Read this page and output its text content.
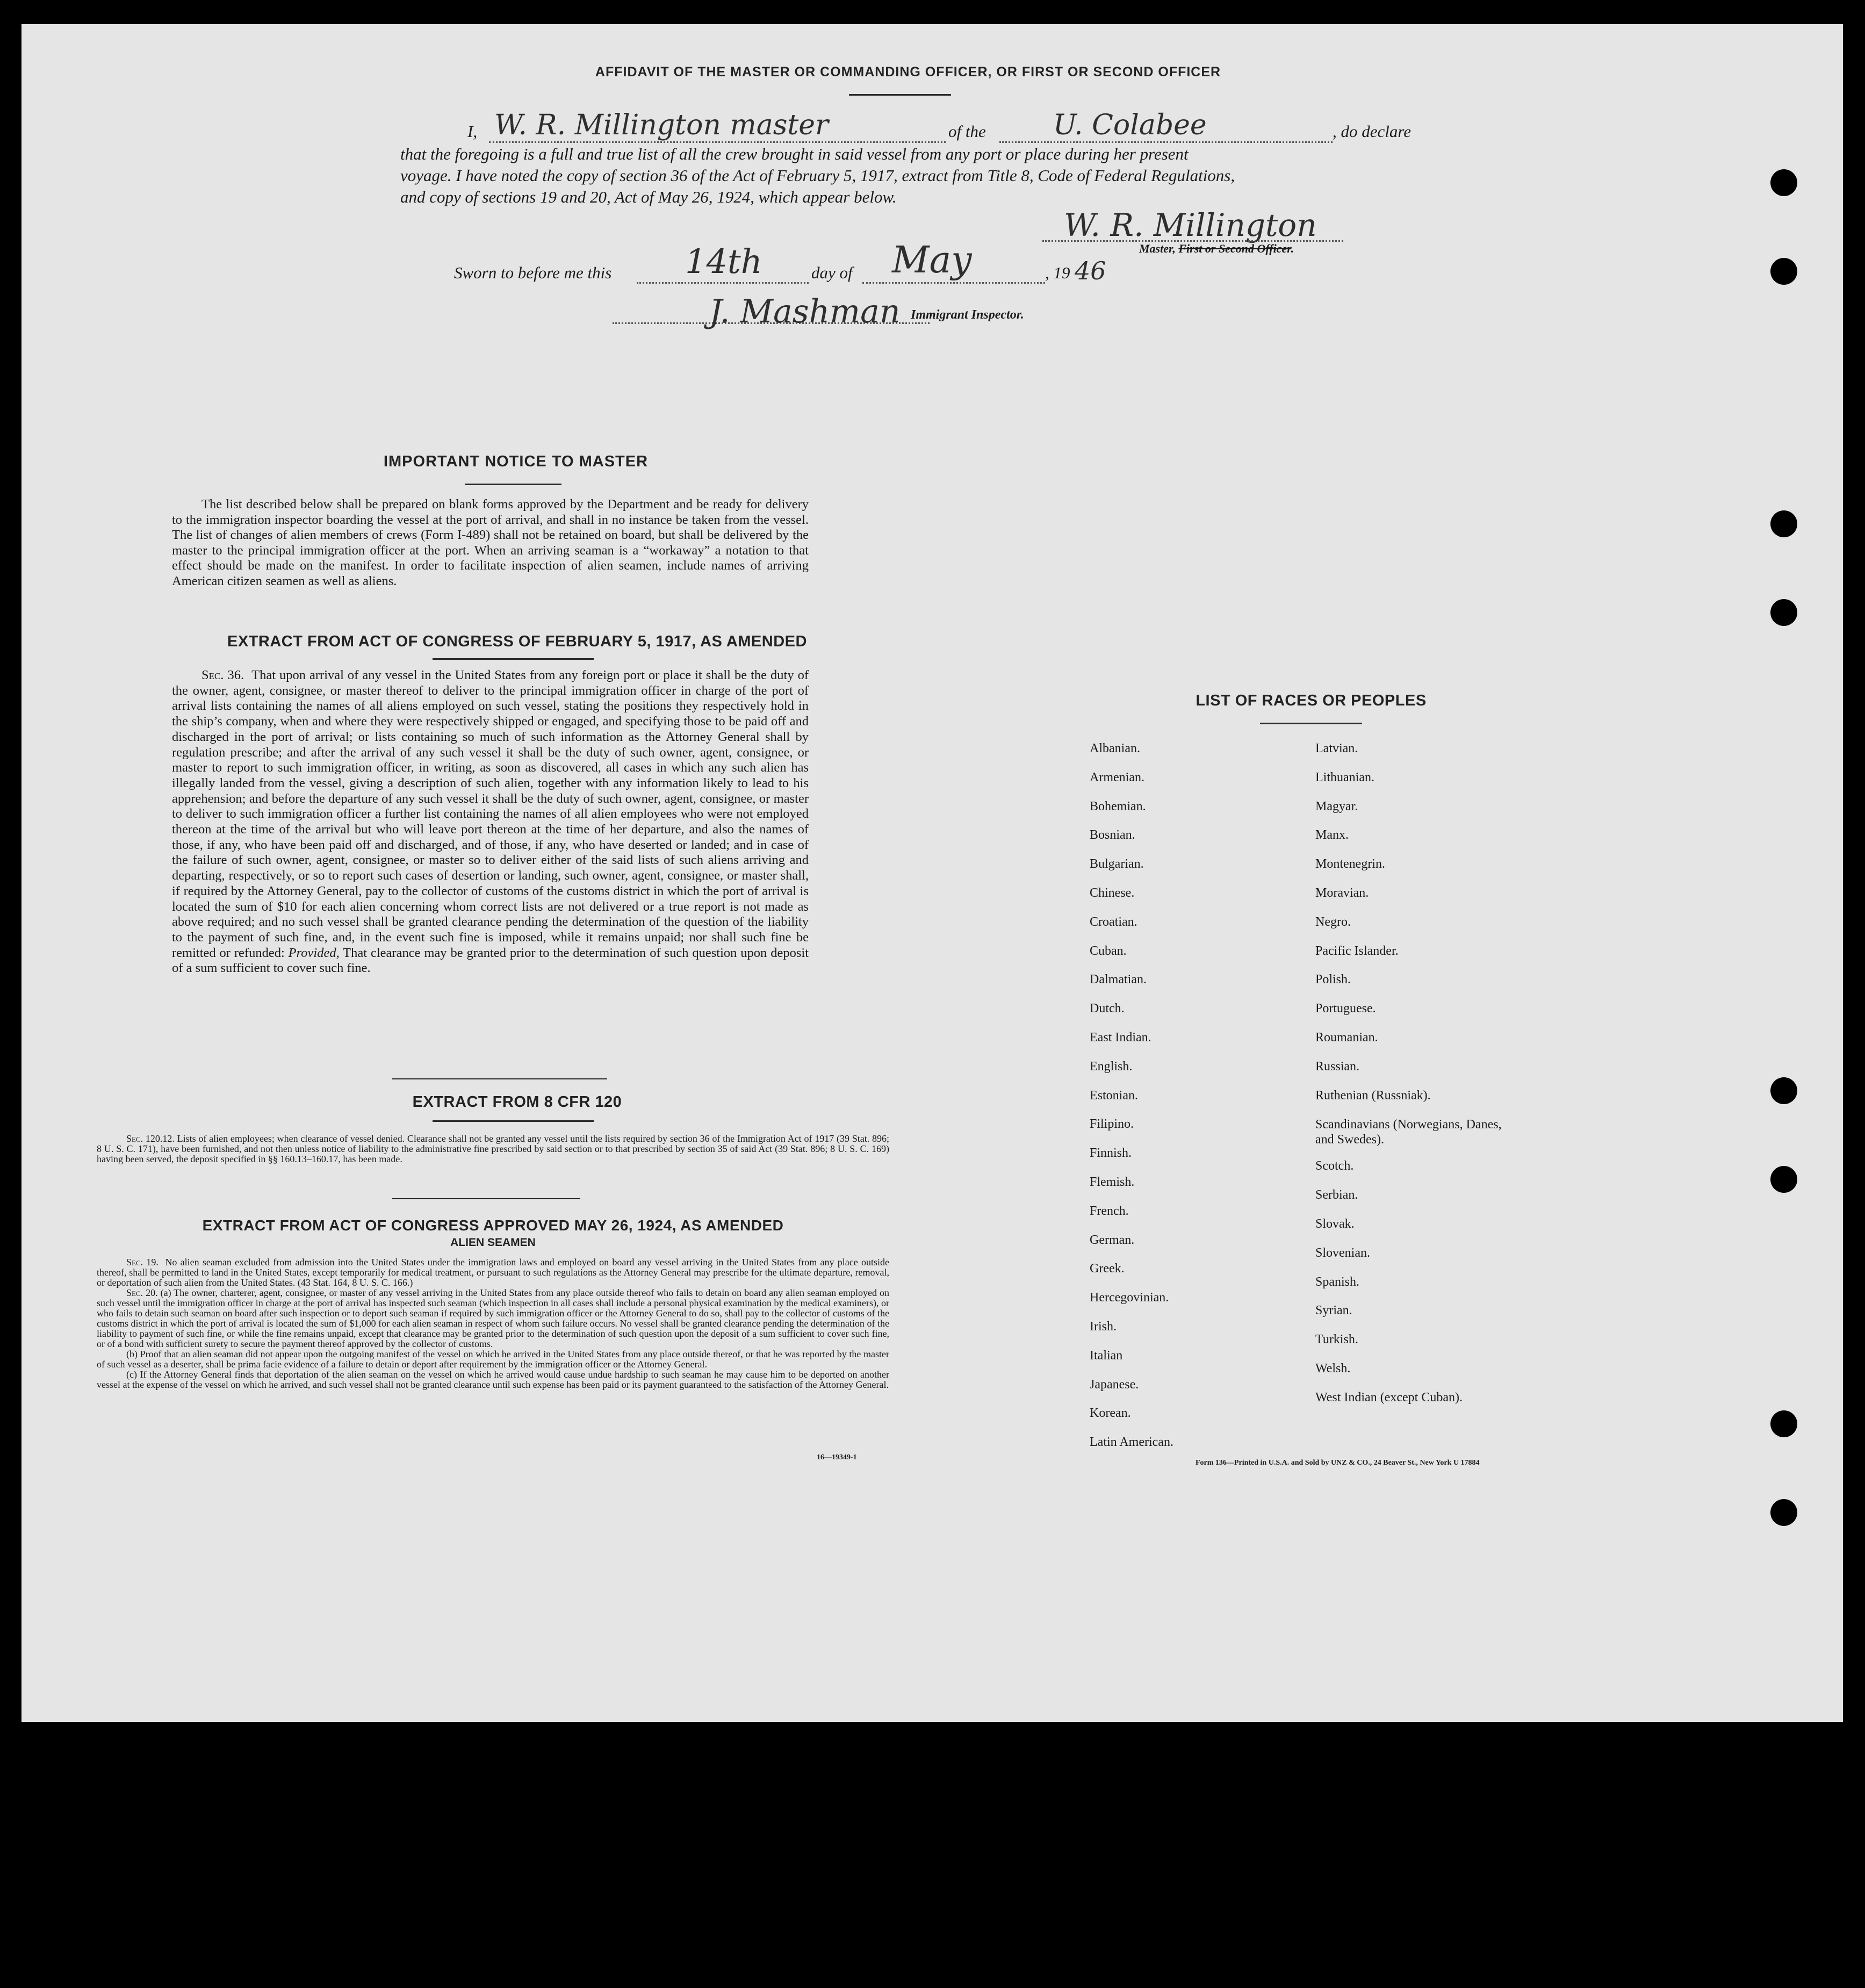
AFFIDAVIT OF THE MASTER OR COMMANDING OFFICER, OR FIRST OR SECOND OFFICER
I, W. R. Millington master	of the U. Colabee	, do declare
that the foregoing is a full and true list of all the crew brought in said vessel from any port or place during her present
voyage. I have noted the copy of section 36 of the Act of February 5, 1917, extract from Title 8, Code of Federal Regulations,
and copy of sections 19 and 20, Act of May 26, 1924, which appear below.
W. R. Millington
Master, First or Second Officer.
Sworn to before me this 14th	day of May	, 19 46
J. Mashman Immigrant Inspector.
IMPORTANT NOTICE TO MASTER
The list described below shall be prepared on blank forms approved by the Department and be ready for delivery to the immigration inspector boarding the vessel at the port of arrival, and shall in no instance be taken from the vessel. The list of changes of alien members of crews (Form I-489) shall not be retained on board, but shall be delivered by the master to the principal immigration officer at the port. When an arriving seaman is a “workaway” a notation to that effect should be made on the manifest. In order to facilitate inspection of alien seamen, include names of arriving American citizen seamen as well as aliens.
EXTRACT FROM ACT OF CONGRESS OF FEBRUARY 5, 1917, AS AMENDED
Sec. 36. That upon arrival of any vessel in the United States from any foreign port or place it shall be the duty of the owner, agent, consignee, or master thereof to deliver to the principal immigration officer in charge of the port of arrival lists containing the names of all aliens employed on such vessel, stating the positions they respectively hold in the ship’s company, when and where they were respectively shipped or engaged, and specifying those to be paid off and discharged in the port of arrival; or lists containing so much of such information as the Attorney General shall by regulation prescribe; and after the arrival of any such vessel it shall be the duty of such owner, agent, consignee, or master to report to such immigration officer, in writing, as soon as discovered, all cases in which any such alien has illegally landed from the vessel, giving a description of such alien, together with any information likely to lead to his apprehension; and before the departure of any such vessel it shall be the duty of such owner, agent, consignee, or master to deliver to such immigration officer a further list containing the names of all alien employees who were not employed thereon at the time of the arrival but who will leave port thereon at the time of her departure, and also the names of those, if any, who have been paid off and discharged, and of those, if any, who have deserted or landed; and in case of the failure of such owner, agent, consignee, or master so to deliver either of the said lists of such aliens arriving and departing, respectively, or so to report such cases of desertion or landing, such owner, agent, consignee, or master shall, if required by the Attorney General, pay to the collector of customs of the customs district in which the port of arrival is located the sum of $10 for each alien concerning whom correct lists are not delivered or a true report is not made as above required; and no such vessel shall be granted clearance pending the determination of the question of the liability to the payment of such fine, and, in the event such fine is imposed, while it remains unpaid; nor shall such fine be remitted or refunded: Provided, That clearance may be granted prior to the determination of such question upon deposit of a sum sufficient to cover such fine.
EXTRACT FROM 8 CFR 120
Sec. 120.12. Lists of alien employees; when clearance of vessel denied. Clearance shall not be granted any vessel until the lists required by section 36 of the Immigration Act of 1917 (39 Stat. 896; 8 U. S. C. 171), have been furnished, and not then unless notice of liability to the administrative fine prescribed by said section or to that prescribed by section 35 of said Act (39 Stat. 896; 8 U. S. C. 169) having been served, the deposit specified in §§ 160.13–160.17, has been made.
EXTRACT FROM ACT OF CONGRESS APPROVED MAY 26, 1924, AS AMENDED
ALIEN SEAMEN
Sec. 19. No alien seaman excluded from admission into the United States under the immigration laws and employed on board any vessel arriving in the United States from any place outside thereof, shall be permitted to land in the United States, except temporarily for medical treatment, or pursuant to such regulations as the Attorney General may prescribe for the ultimate departure, removal, or deportation of such alien from the United States. (43 Stat. 164, 8 U. S. C. 166.)
Sec. 20. (a) The owner, charterer, agent, consignee, or master of any vessel arriving in the United States from any place outside thereof who fails to detain on board any alien seaman employed on such vessel until the immigration officer in charge at the port of arrival has inspected such seaman (which inspection in all cases shall include a personal physical examination by the medical examiners), or who fails to detain such seaman on board after such inspection or to deport such seaman if required by such immigration officer or the Attorney General to do so, shall pay to the collector of customs of the customs district in which the port of arrival is located the sum of $1,000 for each alien seaman in respect of whom such failure occurs. No vessel shall be granted clearance pending the determination of the liability to payment of such fine, or while the fine remains unpaid, except that clearance may be granted prior to the determination of such question upon the deposit of a sum sufficient to cover such fine, or of a bond with sufficient surety to secure the payment thereof approved by the collector of customs.
(b) Proof that an alien seaman did not appear upon the outgoing manifest of the vessel on which he arrived in the United States from any place outside thereof, or that he was reported by the master of such vessel as a deserter, shall be prima facie evidence of a failure to detain or deport after requirement by the immigration officer or the Attorney General.
(c) If the Attorney General finds that deportation of the alien seaman on the vessel on which he arrived would cause undue hardship to such seaman he may cause him to be deported on another vessel at the expense of the vessel on which he arrived, and such vessel shall not be granted clearance until such expense has been paid or its payment guaranteed to the satisfaction of the Attorney General.
16—19349-1
LIST OF RACES OR PEOPLES
Albanian.
Armenian.
Bohemian.
Bosnian.
Bulgarian.
Chinese.
Croatian.
Cuban.
Dalmatian.
Dutch.
East Indian.
English.
Estonian.
Filipino.
Finnish.
Flemish.
French.
German.
Greek.
Hercegovinian.
Irish.
Italian
Japanese.
Korean.
Latin American.
Latvian.
Lithuanian.
Magyar.
Manx.
Montenegrin.
Moravian.
Negro.
Pacific Islander.
Polish.
Portuguese.
Roumanian.
Russian.
Ruthenian (Russniak).
Scandinavians (Norwegians, Danes, and Swedes).
Scotch.
Serbian.
Slovak.
Slovenian.
Spanish.
Syrian.
Turkish.
Welsh.
West Indian (except Cuban).
Form 136—Printed in U.S.A. and Sold by UNZ & CO., 24 Beaver St., New York U 17884
